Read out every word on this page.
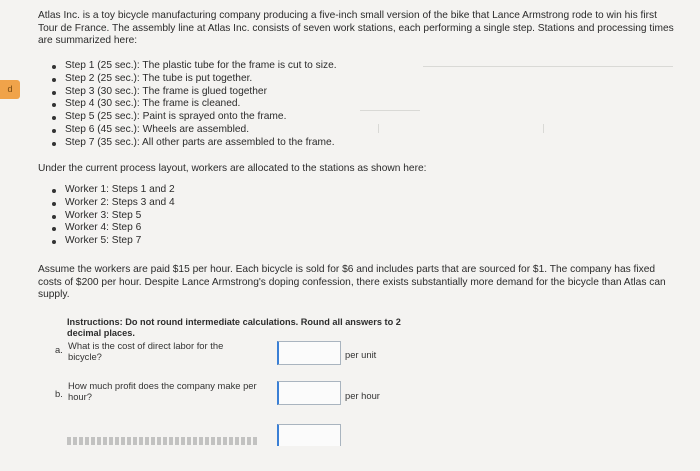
d
Atlas Inc. is a toy bicycle manufacturing company producing a five-inch small version of the bike that Lance Armstrong rode to win his first Tour de France. The assembly line at Atlas Inc. consists of seven work stations, each performing a single step. Stations and processing times are summarized here:
Step 1 (25 sec.): The plastic tube for the frame is cut to size.
Step 2 (25 sec.): The tube is put together.
Step 3 (30 sec.): The frame is glued together
Step 4 (30 sec.): The frame is cleaned.
Step 5 (25 sec.): Paint is sprayed onto the frame.
Step 6 (45 sec.): Wheels are assembled.
Step 7 (35 sec.): All other parts are assembled to the frame.
Under the current process layout, workers are allocated to the stations as shown here:
Worker 1: Steps 1 and 2
Worker 2: Steps 3 and 4
Worker 3: Step 5
Worker 4: Step 6
Worker 5: Step 7
Assume the workers are paid $15 per hour. Each bicycle is sold for $6 and includes parts that are sourced for $1. The company has fixed costs of $200 per hour. Despite Lance Armstrong's doping confession, there exists substantially more demand for the bicycle than Atlas can supply.
Instructions: Do not round intermediate calculations. Round all answers to 2 decimal places.
a. What is the cost of direct labor for the bicycle?	per unit
b.
How much profit does the company make per hour?	per hour
